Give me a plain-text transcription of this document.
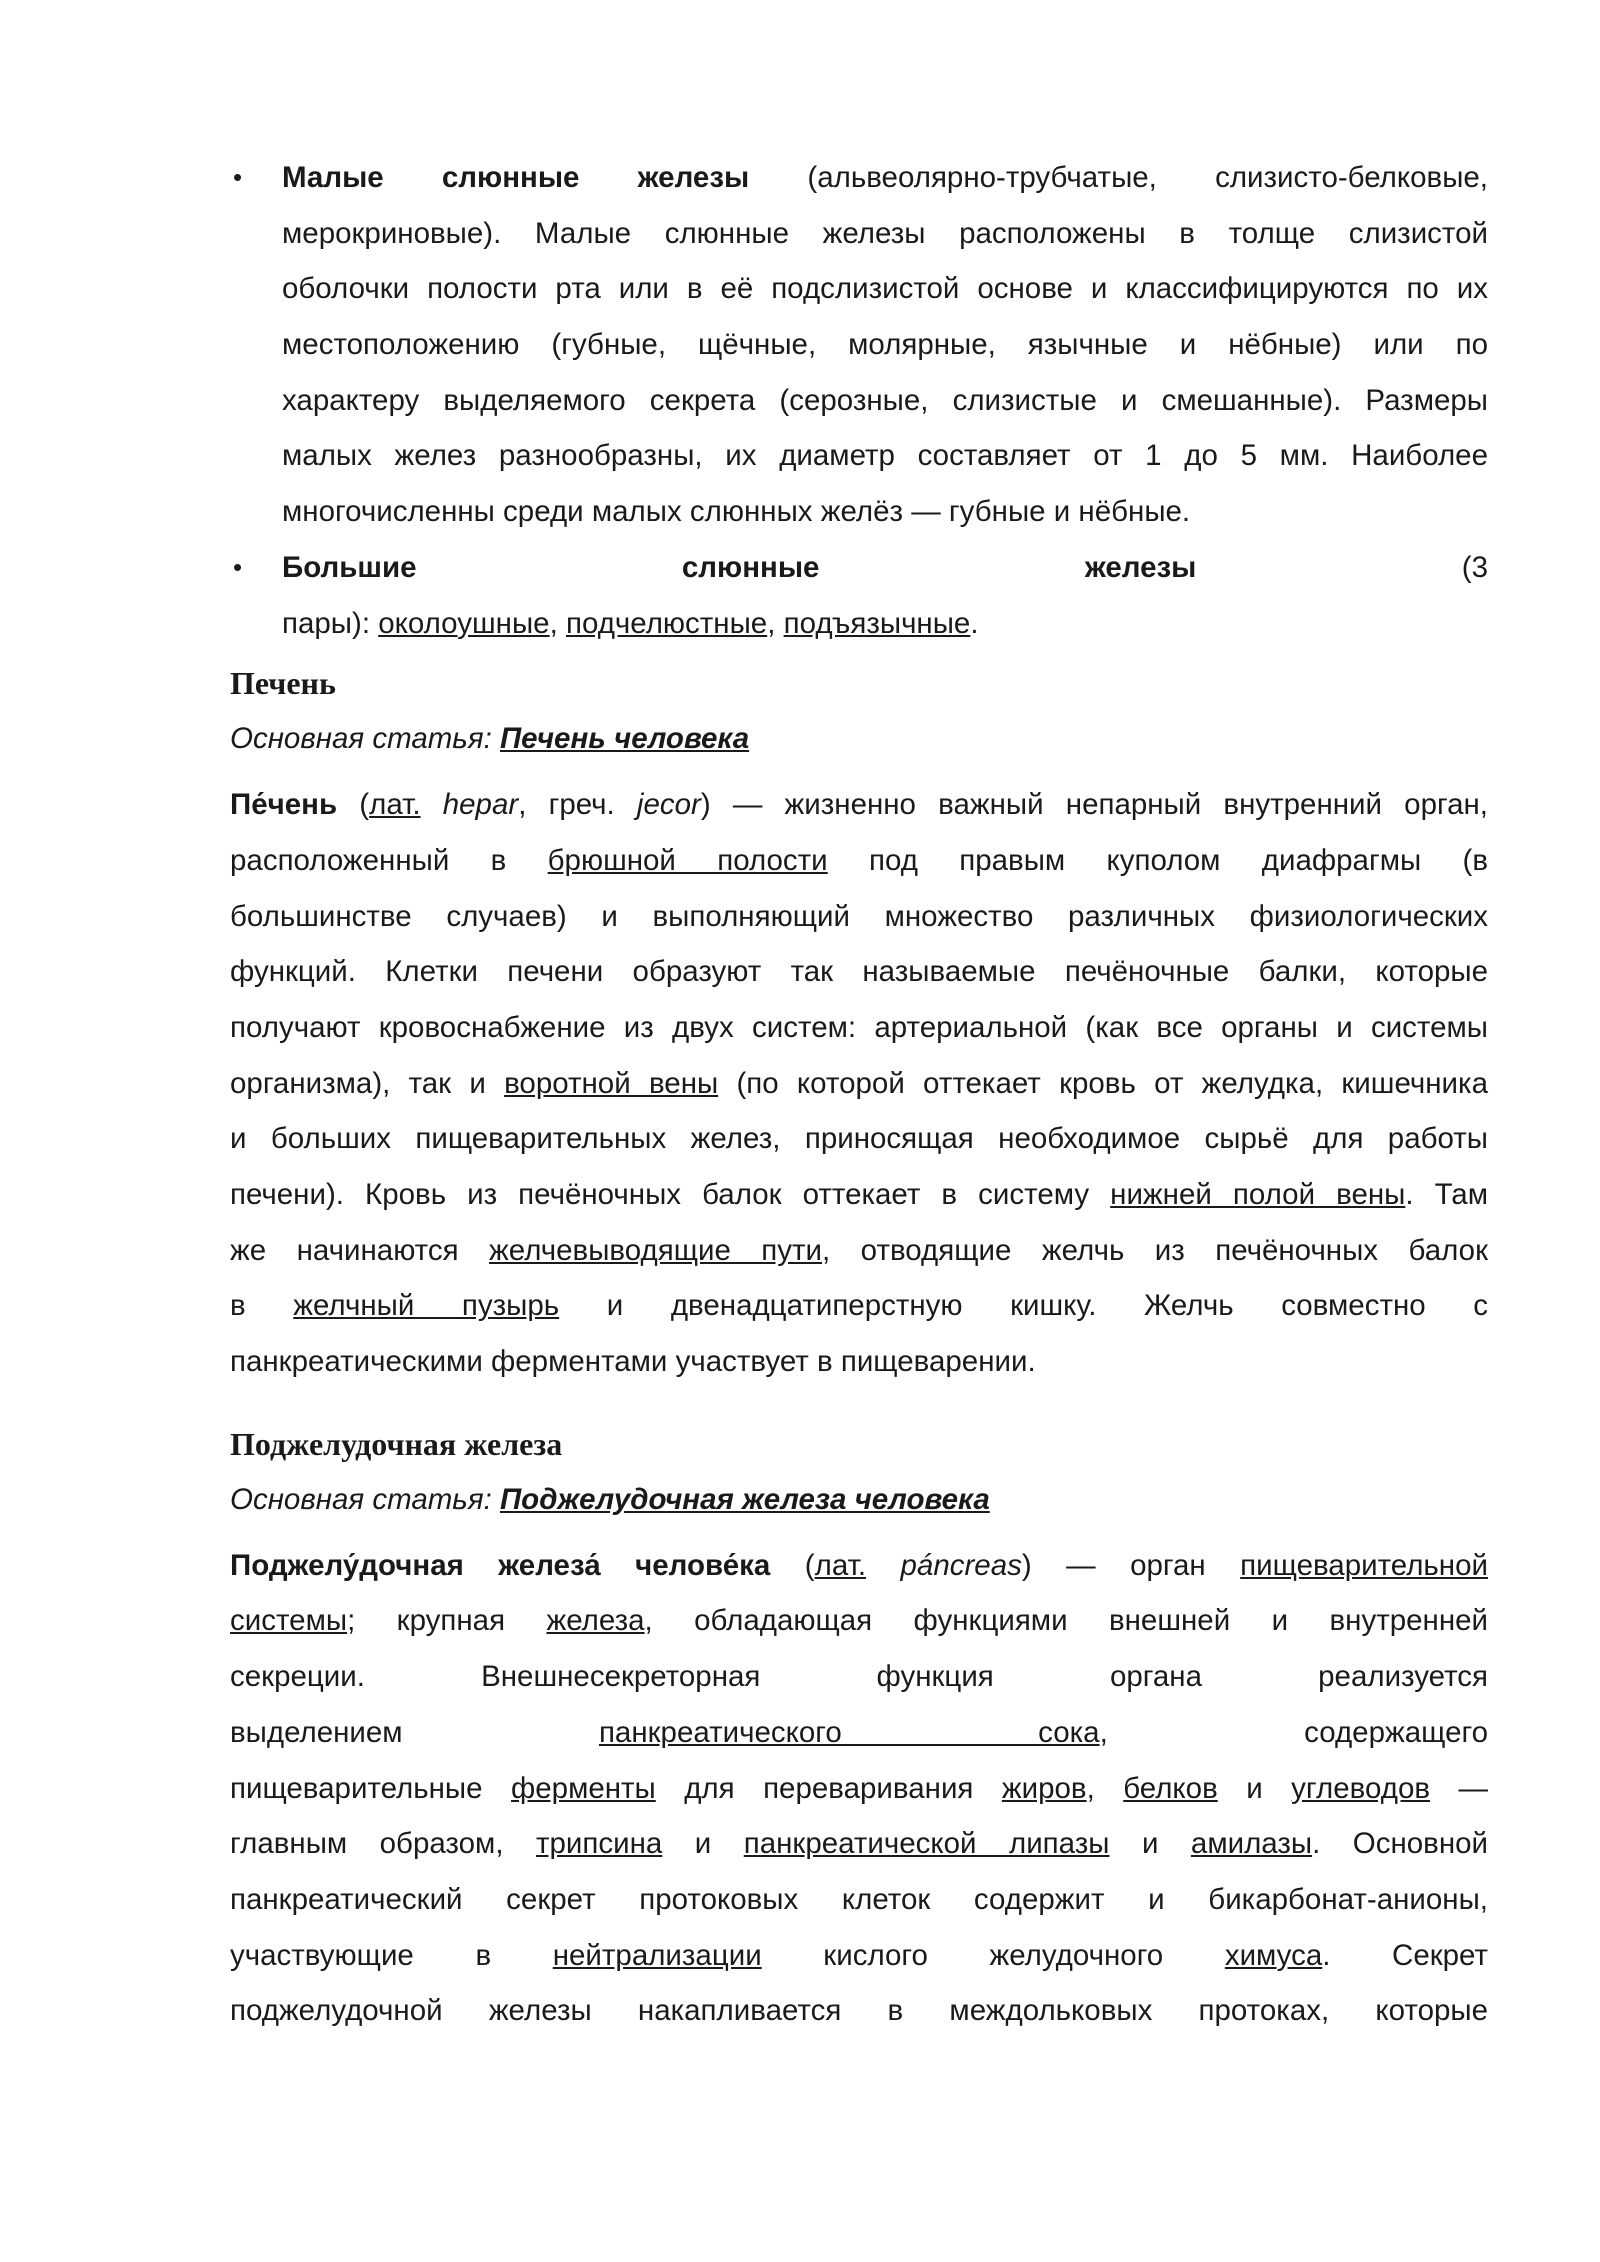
• Малые слюнные железы (альвеолярно-трубчатые, слизисто-белковые,
мерокриновые). Малые слюнные железы расположены в толще слизистой
оболочки полости рта или в её подслизистой основе и классифицируются по их
местоположению (губные, щёчные, молярные, язычные и нёбные) или по
характеру выделяемого секрета (серозные, слизистые и смешанные). Размеры
малых желез разнообразны, их диаметр составляет от 1 до 5 мм. Наиболее
многочисленны среди малых слюнных желёз — губные и нёбные.
• Большие	слюнные	железы	(3
пары): околоушные, подчелюстные, подъязычные.
Печень
Основная статья: Печень человека
Пе́чень (лат. hepar, греч. jecor) — жизненно важный непарный внутренний орган,
расположенный в брюшной полости под правым куполом диафрагмы (в
большинстве случаев) и выполняющий множество различных физиологических
функций. Клетки печени образуют так называемые печёночные балки, которые
получают кровоснабжение из двух систем: артериальной (как все органы и системы
организма), так и воротной вены (по которой оттекает кровь от желудка, кишечника
и больших пищеварительных желез, приносящая необходимое сырьё для работы
печени). Кровь из печёночных балок оттекает в систему нижней полой вены. Там
же начинаются желчевыводящие пути, отводящие желчь из печёночных балок
в желчный пузырь и двенадцатиперстную кишку. Желчь совместно с
панкреатическими ферментами участвует в пищеварении.
Поджелудочная железа
Основная статья: Поджелудочная железа человека
Поджелу́дочная железа́ челове́ка (лат. páncreas) — орган пищеварительной
системы; крупная железа, обладающая функциями внешней и внутренней
секреции. Внешнесекреторная функция органа реализуется
выделением панкреатического сока, содержащего
пищеварительные ферменты для переваривания жиров, белков и углеводов —
главным образом, трипсина и панкреатической липазы и амилазы. Основной
панкреатический секрет протоковых клеток содержит и бикарбонат-анионы,
участвующие в нейтрализации кислого желудочного химуса. Секрет
поджелудочной железы накапливается в междольковых протоках, которые
